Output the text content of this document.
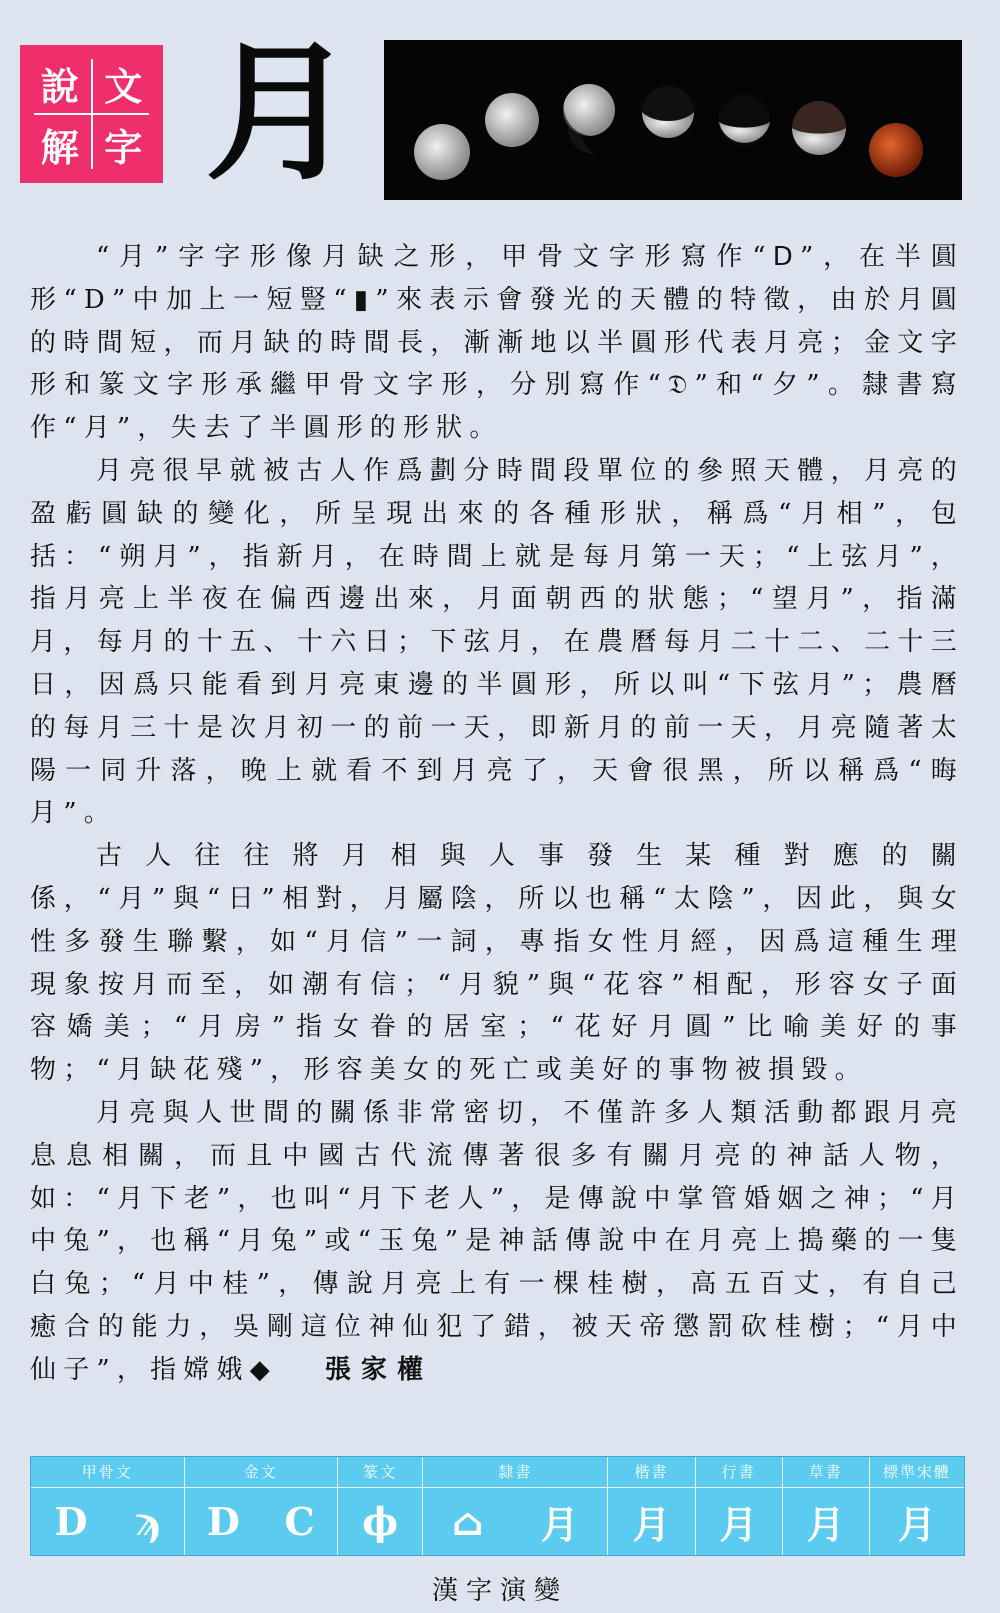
說 文
解 字 月

“月”字字形像月缺之形，甲骨文字形寫作“𝖣”，在半圓形“D”中加上一短豎“▮”來表示會發光的天體的特徵，由於月圓的時間短，而月缺的時間長，漸漸地以半圓形代表月亮；金文字形和篆文字形承繼甲骨文字形，分別寫作“𝔇”和“夕”。隸書寫作“月”，失去了半圓形的形狀。

月亮很早就被古人作爲劃分時間段單位的參照天體，月亮的盈虧圓缺的變化，所呈現出來的各種形狀，稱爲“月相”，包括：“朔月”，指新月，在時間上就是每月第一天；“上弦月”，指月亮上半夜在偏西邊出來，月面朝西的狀態；“望月”，指滿月，每月的十五、十六日；下弦月，在農曆每月二十二、二十三日，因爲只能看到月亮東邊的半圓形，所以叫“下弦月”；農曆的每月三十是次月初一的前一天，即新月的前一天，月亮隨著太陽一同升落，晚上就看不到月亮了，天會很黑，所以稱爲“晦月”。

古人往往將月相與人事發生某種對應的關係，“月”與“日”相對，月屬陰，所以也稱“太陰”，因此，與女性多發生聯繫，如“月信”一詞，專指女性月經，因爲這種生理現象按月而至，如潮有信；“月貌”與“花容”相配，形容女子面容嬌美；“月房”指女眷的居室；“花好月圓”比喻美好的事物；“月缺花殘”，形容美女的死亡或美好的事物被損毀。

月亮與人世間的關係非常密切，不僅許多人類活動都跟月亮息息相關，而且中國古代流傳著很多有關月亮的神話人物，如：“月下老”，也叫“月下老人”，是傳說中掌管婚姻之神；“月中兔”，也稱“月兔”或“玉兔”是神話傳說中在月亮上搗藥的一隻白兔；“月中桂”，傳說月亮上有一棵桂樹，高五百丈，有自己癒合的能力，吳剛這位神仙犯了錯，被天帝懲罰砍桂樹；“月中仙子”，指嫦娥◆ 張家權

甲骨文
D ϡ
金文
D C
篆文
ϕ
隸書
⌂ 月
楷書
月
行書
月
草書
月
標準宋體
月
漢字演變
